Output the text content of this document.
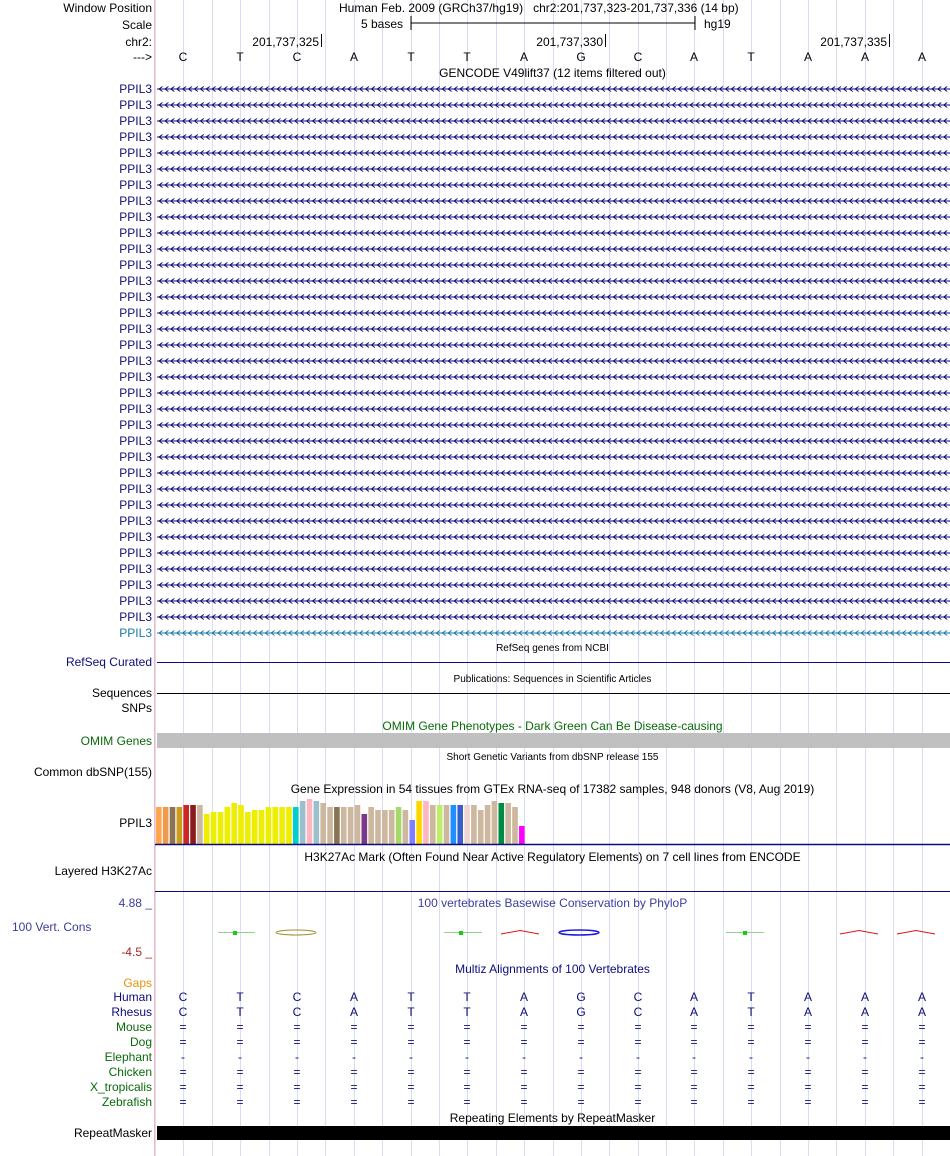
Window Position	Human Feb. 2009 (GRCh37/hg19) chr2:201,737,323-201,737,336 (14 bp)
Scale	5 bases	hg19
chr2:
--->
GENCODE V49lift37 (12 items filtered out)
RefSeq genes from NCBI
RefSeq Curated
Publications: Sequences in Scientific Articles
Sequences
SNPs
OMIM Gene Phenotypes - Dark Green Can Be Disease-causing
OMIM Genes
Short Genetic Variants from dbSNP release 155
Common dbSNP(155)
Gene Expression in 54 tissues from GTEx RNA-seq of 17382 samples, 948 donors (V8, Aug 2019)
PPIL3
H3K27Ac Mark (Often Found Near Active Regulatory Elements) on 7 cell lines from ENCODE
Layered H3K27Ac
100 vertebrates Basewise Conservation by PhyloP
4.88 _
100 Vert. Cons
-4.5 _
Multiz Alignments of 100 Vertebrates
Gaps
Repeating Elements by RepeatMasker
RepeatMasker
201,737,325	201,737,330	201,737,335
C	T	C	A	T	T	A	G	C	A	T	A	A	A
PPIL3
PPIL3
PPIL3
PPIL3
PPIL3
PPIL3
PPIL3
PPIL3
PPIL3
PPIL3
PPIL3
PPIL3
PPIL3
PPIL3
PPIL3
PPIL3
PPIL3
PPIL3
PPIL3
PPIL3
PPIL3
PPIL3
PPIL3
PPIL3
PPIL3
PPIL3
PPIL3
PPIL3
PPIL3
PPIL3
PPIL3
PPIL3
PPIL3
PPIL3
PPIL3
Human	C	T	C	A	T	T	A	G	C	A	T	A	A	A
Rhesus	C	T	C	A	T	T	A	G	C	A	T	A	A	A
Mouse	=	=	=	=	=	=	=	=	=	=	=	=	=	=
Dog	=	=	=	=	=	=	=	=	=	=	=	=	=	=
Elephant	-	-	-	-	-	-	-	-	-	-	-	-	-	-
Chicken	=	=	=	=	=	=	=	=	=	=	=	=	=	=
X_tropicalis	=	=	=	=	=	=	=	=	=	=	=	=	=	=
Zebrafish	=	=	=	=	=	=	=	=	=	=	=	=	=	=
